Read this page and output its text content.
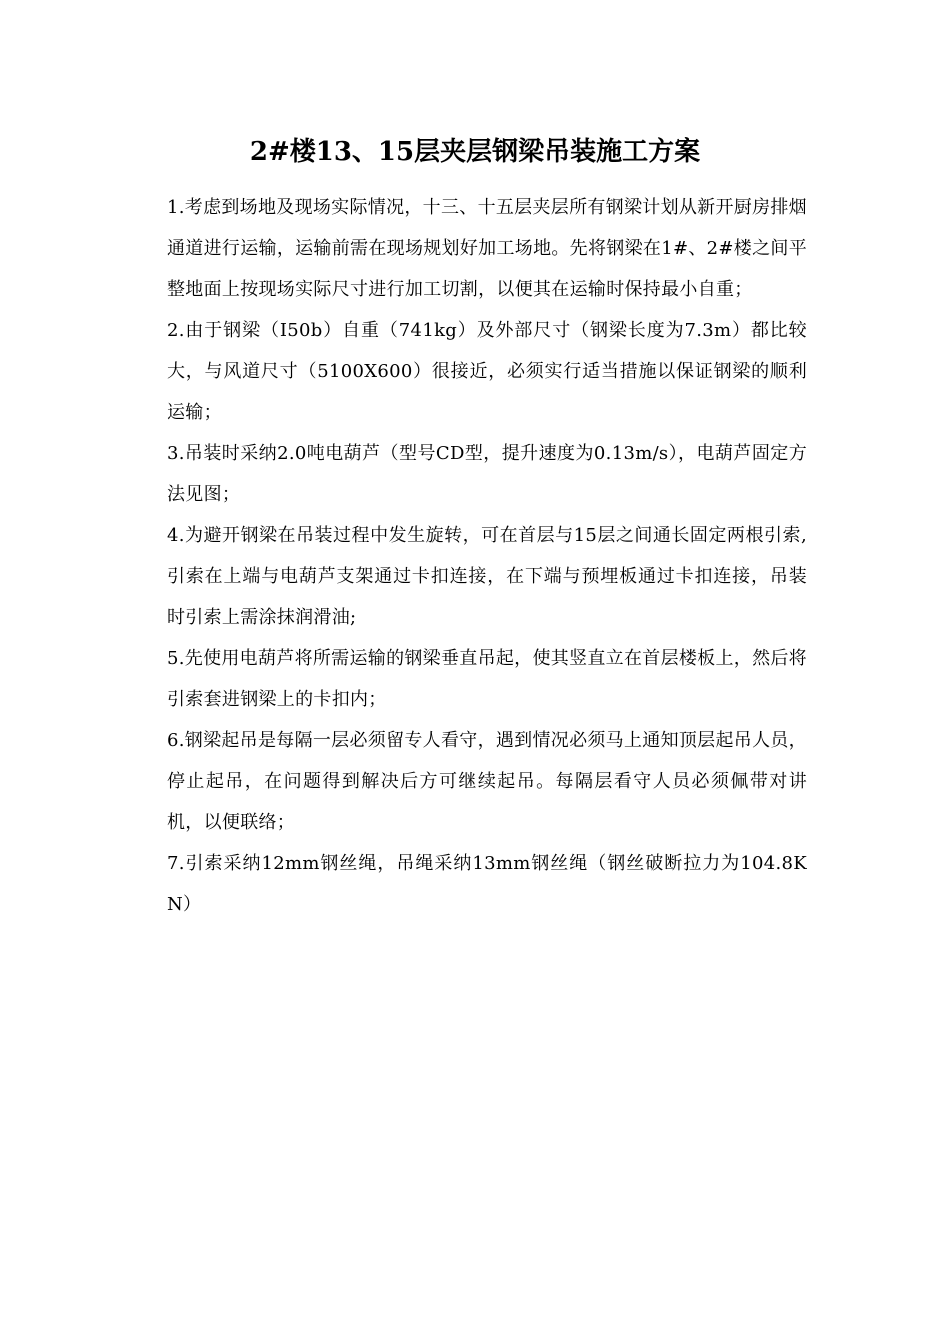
2#楼13、15层夹层钢梁吊装施工方案

1.考虑到场地及现场实际情况，十三、十五层夹层所有钢梁计划从新开厨房排烟通道进行运输，运输前需在现场规划好加工场地。先将钢梁在1#、2#楼之间平整地面上按现场实际尺寸进行加工切割，以便其在运输时保持最小自重；

2.由于钢梁（I50b）自重（741kg）及外部尺寸（钢梁长度为7.3m）都比较大，与风道尺寸（5100X600）很接近，必须实行适当措施以保证钢梁的顺利运输；

3.吊装时采纳2.0吨电葫芦（型号CD型，提升速度为0.13m/s），电葫芦固定方法见图；

4.为避开钢梁在吊装过程中发生旋转，可在首层与15层之间通长固定两根引索,引索在上端与电葫芦支架通过卡扣连接，在下端与预埋板通过卡扣连接，吊装时引索上需涂抹润滑油;

5.先使用电葫芦将所需运输的钢梁垂直吊起，使其竖直立在首层楼板上，然后将引索套进钢梁上的卡扣内；

6.钢梁起吊是每隔一层必须留专人看守，遇到情况必须马上通知顶层起吊人员，停止起吊，在问题得到解决后方可继续起吊。每隔层看守人员必须佩带对讲机，以便联络；

7.引索采纳12mm钢丝绳，吊绳采纳13mm钢丝绳（钢丝破断拉力为104.8KN）
